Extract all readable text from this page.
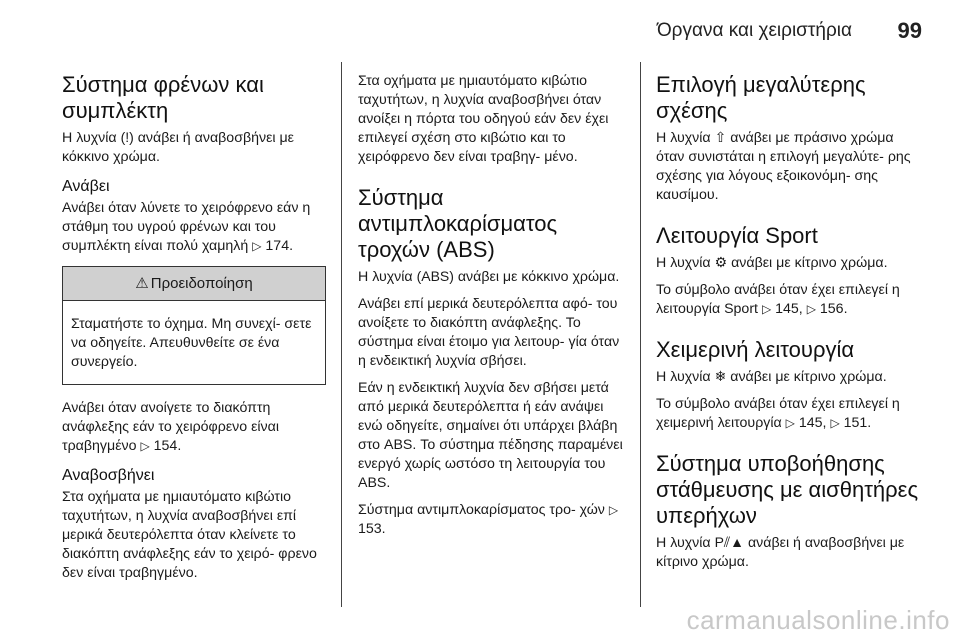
Όργανα και χειριστήρια 99
Σύστημα φρένων και συμπλέκτη

Η λυχνία (!) ανάβει ή αναβοσβήνει με κόκκινο χρώμα.

Ανάβει

Ανάβει όταν λύνετε το χειρόφρενο εάν η στάθμη του υγρού φρένων και του συμπλέκτη είναι πολύ χαμηλή ▷ 174.

⚠ Προειδοποίηση
Σταματήστε το όχημα. Μη συνεχί- σετε να οδηγείτε. Απευθυνθείτε σε ένα συνεργείο.

Ανάβει όταν ανοίγετε το διακόπτη ανάφλεξης εάν το χειρόφρενο είναι τραβηγμένο ▷ 154.

Αναβοσβήνει

Στα οχήματα με ημιαυτόματο κιβώτιο ταχυτήτων, η λυχνία αναβοσβήνει επί μερικά δευτερόλεπτα όταν κλείνετε το διακόπτη ανάφλεξης εάν το χειρό- φρενο δεν είναι τραβηγμένο.

Στα οχήματα με ημιαυτόματο κιβώτιο ταχυτήτων, η λυχνία αναβοσβήνει όταν ανοίξει η πόρτα του οδηγού εάν δεν έχει επιλεγεί σχέση στο κιβώτιο και το χειρόφρενο δεν είναι τραβηγ- μένο.

Σύστημα αντιμπλοκαρίσματος τροχών (ABS)

Η λυχνία (ABS) ανάβει με κόκκινο χρώμα.

Ανάβει επί μερικά δευτερόλεπτα αφό- του ανοίξετε το διακόπτη ανάφλεξης. Το σύστημα είναι έτοιμο για λειτουρ- γία όταν η ενδεικτική λυχνία σβήσει.

Εάν η ενδεικτική λυχνία δεν σβήσει μετά από μερικά δευτερόλεπτα ή εάν ανάψει ενώ οδηγείτε, σημαίνει ότι υπάρχει βλάβη στο ABS. Το σύστημα πέδησης παραμένει ενεργό χωρίς ωστόσο τη λειτουργία του ABS.

Σύστημα αντιμπλοκαρίσματος τρο- χών ▷ 153.

Επιλογή μεγαλύτερης σχέσης

Η λυχνία ⇧ ανάβει με πράσινο χρώμα όταν συνιστάται η επιλογή μεγαλύτε- ρης σχέσης για λόγους εξοικονόμη- σης καυσίμου.

Λειτουργία Sport

Η λυχνία ⚙ ανάβει με κίτρινο χρώμα.

Το σύμβολο ανάβει όταν έχει επιλεγεί η λειτουργία Sport ▷ 145, ▷ 156.

Χειμερινή λειτουργία

Η λυχνία ❄ ανάβει με κίτρινο χρώμα.

Το σύμβολο ανάβει όταν έχει επιλεγεί η χειμερινή λειτουργία ▷ 145, ▷ 151.

Σύστημα υποβοήθησης στάθμευσης με αισθητήρες υπερήχων

Η λυχνία P⫽▲ ανάβει ή αναβοσβήνει με κίτρινο χρώμα.

carmanualsonline.info
